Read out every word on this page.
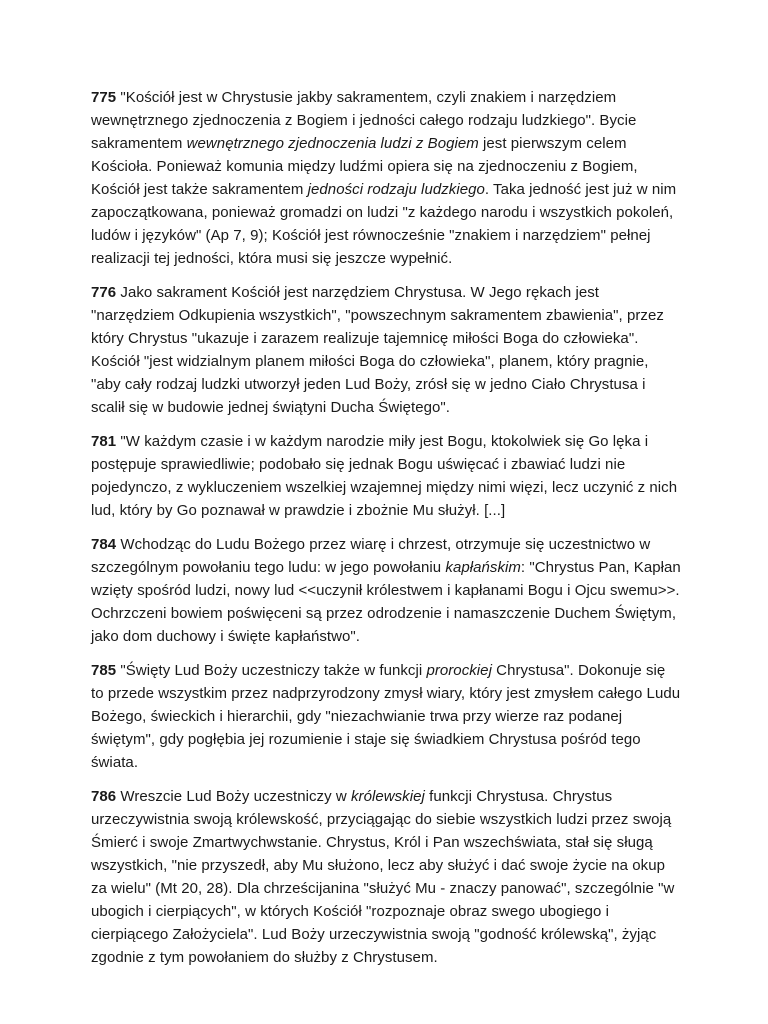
775 "Kościół jest w Chrystusie jakby sakramentem, czyli znakiem i narzędziem wewnętrznego zjednoczenia z Bogiem i jedności całego rodzaju ludzkiego". Bycie sakramentem wewnętrznego zjednoczenia ludzi z Bogiem jest pierwszym celem Kościoła. Ponieważ komunia między ludźmi opiera się na zjednoczeniu z Bogiem, Kościół jest także sakramentem jedności rodzaju ludzkiego. Taka jedność jest już w nim zapoczątkowana, ponieważ gromadzi on ludzi "z każdego narodu i wszystkich pokoleń, ludów i języków" (Ap 7, 9); Kościół jest równocześnie "znakiem i narzędziem" pełnej realizacji tej jedności, która musi się jeszcze wypełnić.

776 Jako sakrament Kościół jest narzędziem Chrystusa. W Jego rękach jest "narzędziem Odkupienia wszystkich", "powszechnym sakramentem zbawienia", przez który Chrystus "ukazuje i zarazem realizuje tajemnicę miłości Boga do człowieka". Kościół "jest widzialnym planem miłości Boga do człowieka", planem, który pragnie, "aby cały rodzaj ludzki utworzył jeden Lud Boży, zrósł się w jedno Ciało Chrystusa i scalił się w budowie jednej świątyni Ducha Świętego".

781 "W każdym czasie i w każdym narodzie miły jest Bogu, ktokolwiek się Go lęka i postępuje sprawiedliwie; podobało się jednak Bogu uświęcać i zbawiać ludzi nie pojedynczo, z wykluczeniem wszelkiej wzajemnej między nimi więzi, lecz uczynić z nich lud, który by Go poznawał w prawdzie i zbożnie Mu służył. [...]

784 Wchodząc do Ludu Bożego przez wiarę i chrzest, otrzymuje się uczestnictwo w szczególnym powołaniu tego ludu: w jego powołaniu kapłańskim: "Chrystus Pan, Kapłan wzięty spośród ludzi, nowy lud <<uczynił królestwem i kapłanami Bogu i Ojcu swemu>>. Ochrzczeni bowiem poświęceni są przez odrodzenie i namaszczenie Duchem Świętym, jako dom duchowy i święte kapłaństwo".

785 "Święty Lud Boży uczestniczy także w funkcji prorockiej Chrystusa". Dokonuje się to przede wszystkim przez nadprzyrodzony zmysł wiary, który jest zmysłem całego Ludu Bożego, świeckich i hierarchii, gdy "niezachwianie trwa przy wierze raz podanej świętym", gdy pogłębia jej rozumienie i staje się świadkiem Chrystusa pośród tego świata.

786 Wreszcie Lud Boży uczestniczy w królewskiej funkcji Chrystusa. Chrystus urzeczywistnia swoją królewskość, przyciągając do siebie wszystkich ludzi przez swoją Śmierć i swoje Zmartwychwstanie. Chrystus, Król i Pan wszechświata, stał się sługą wszystkich, "nie przyszedł, aby Mu służono, lecz aby służyć i dać swoje życie na okup za wielu" (Mt 20, 28). Dla chrześcijanina "służyć Mu - znaczy panować", szczególnie "w ubogich i cierpiących", w których Kościół "rozpoznaje obraz swego ubogiego i cierpiącego Założyciela". Lud Boży urzeczywistnia swoją "godność królewską", żyjąc zgodnie z tym powołaniem do służby z Chrystusem.
